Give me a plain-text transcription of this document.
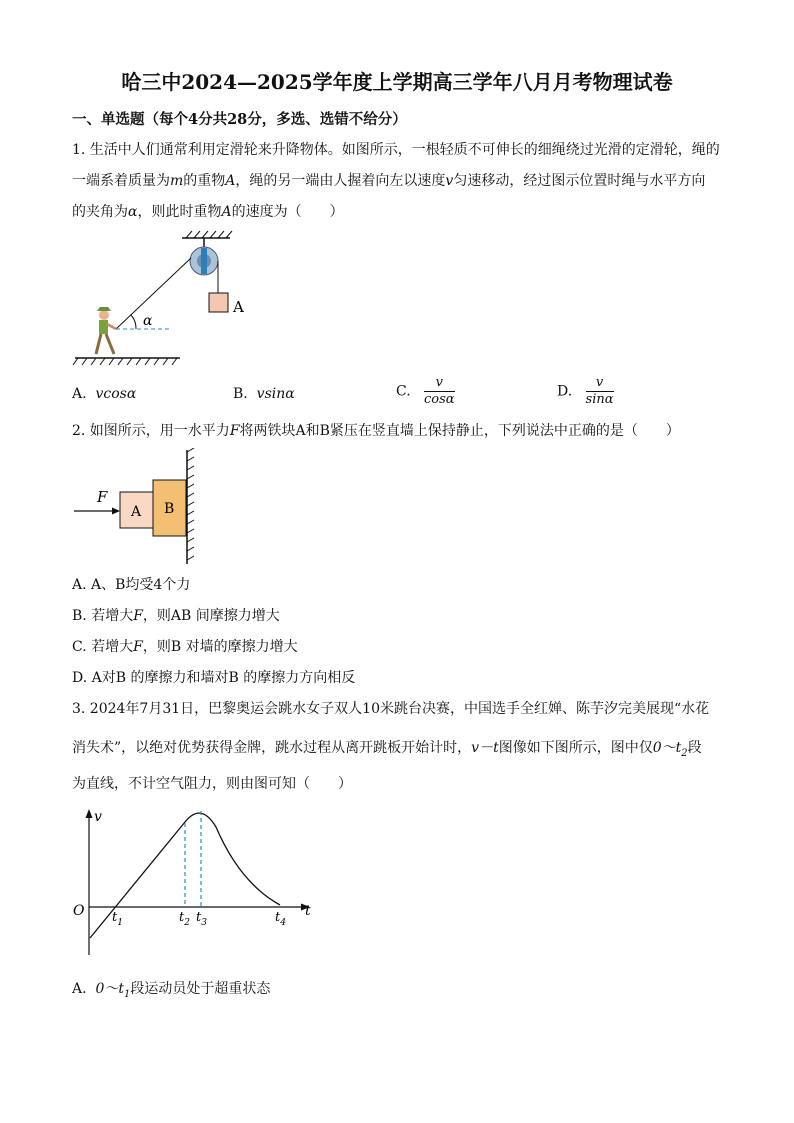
哈三中2024—2025学年度上学期高三学年八月月考物理试卷
一、单选题（每个4分共28分，多选、选错不给分）
1. 生活中人们通常利用定滑轮来升降物体。如图所示，一根轻质不可伸长的细绳绕过光滑的定滑轮，绳的
一端系着质量为m的重物A，绳的另一端由人握着向左以速度v匀速移动，经过图示位置时绳与水平方向
的夹角为α，则此时重物A的速度为（　　）
A
α
A. vcosα	B. vsinα	C. $\frac{v}{\cos\alpha}$	D. $\frac{v}{\sin\alpha}$
2. 如图所示，用一水平力F将两铁块A和B紧压在竖直墙上保持静止，下列说法中正确的是（　　）
F
A B
A. A、B均受4个力
B. 若增大F，则AB 间摩擦力增大
C. 若增大F，则B 对墙的摩擦力增大
D. A对B 的摩擦力和墙对B 的摩擦力方向相反
3. 2024年7月31日，巴黎奥运会跳水女子双人10米跳台决赛，中国选手全红婵、陈芋汐完美展现“水花
消失术”，以绝对优势获得金牌，跳水过程从离开跳板开始计时，v－t图像如下图所示，图中仅$0\sim t_2$段
为直线，不计空气阻力，则由图可知（　　）
v
t
O $t_1$	$t_2$ $t_3$	$t_4$
A. $0\sim t_1$段运动员处于超重状态
